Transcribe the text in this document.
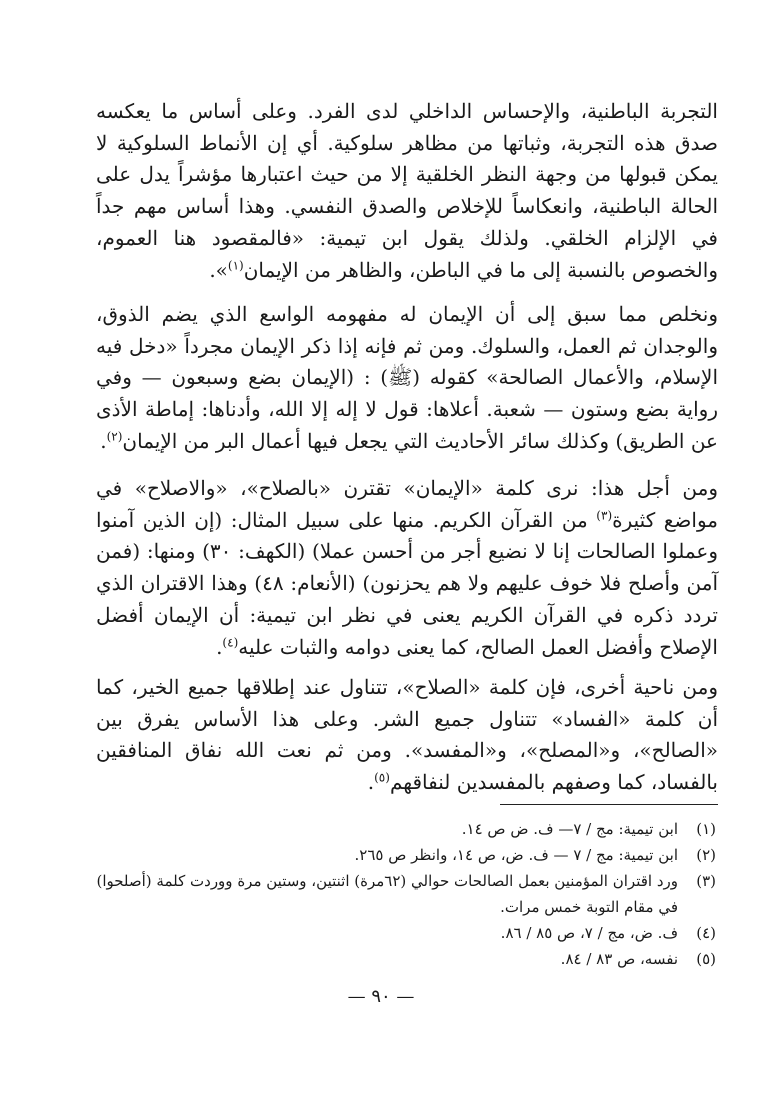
التجربة الباطنية، والإحساس الداخلي لدى الفرد. وعلى أساس ما يعكسه صدق هذه التجربة، وثباتها من مظاهر سلوكية. أي إن الأنماط السلوكية لا يمكن قبولها من وجهة النظر الخلقية إلا من حيث اعتبارها مؤشراً يدل على الحالة الباطنية، وانعكاساً للإخلاص والصدق النفسي. وهذا أساس مهم جداً في الإلزام الخلقي. ولذلك يقول ابن تيمية: «فالمقصود هنا العموم، والخصوص بالنسبة إلى ما في الباطن، والظاهر من الإيمان$^{(١)}$».

ونخلص مما سبق إلى أن الإيمان له مفهومه الواسع الذي يضم الذوق، والوجدان ثم العمل، والسلوك. ومن ثم فإنه إذا ذكر الإيمان مجرداً «دخل فيه الإسلام، والأعمال الصالحة» كقوله (ﷺ) : (الإيمان بضع وسبعون — وفي رواية بضع وستون — شعبة. أعلاها: قول لا إله إلا الله، وأدناها: إماطة الأذى عن الطريق) وكذلك سائر الأحاديث التي يجعل فيها أعمال البر من الإيمان$^{(٢)}$.

ومن أجل هذا: نرى كلمة «الإيمان» تقترن «بالصلاح»، «والاصلاح» في مواضع كثيرة$^{(٣)}$ من القرآن الكريم. منها على سبيل المثال: (إن الذين آمنوا وعملوا الصالحات إنا لا نضيع أجر من أحسن عملا) (الكهف: ٣٠) ومنها: (فمن آمن وأصلح فلا خوف عليهم ولا هم يحزنون) (الأنعام: ٤٨) وهذا الاقتران الذي تردد ذكره في القرآن الكريم يعنى في نظر ابن تيمية: أن الإيمان أفضل الإصلاح وأفضل العمل الصالح، كما يعنى دوامه والثبات عليه$^{(٤)}$.

ومن ناحية أخرى، فإن كلمة «الصلاح»، تتناول عند إطلاقها جميع الخير، كما أن كلمة «الفساد» تتناول جميع الشر. وعلى هذا الأساس يفرق بين «الصالح»، و«المصلح»، و«المفسد». ومن ثم نعت الله نفاق المنافقين بالفساد، كما وصفهم بالمفسدين لنفاقهم$^{(٥)}$.

(١)
ابن تيمية: مج / ٧— ف. ض ص ١٤.
(٢)
ابن تيمية: مج / ٧ — ف. ض، ص ١٤، وانظر ص ٢٦٥.
(٣)
ورد اقتران المؤمنين بعمل الصالحات حوالي (٦٢مرة) اثنتين، وستين مرة ووردت كلمة (أصلحوا) في مقام التوبة خمس مرات.
(٤)
ف. ض، مج / ٧، ص ٨٥ / ٨٦.
(٥)
نفسه، ص ٨٣ / ٨٤.
— ٩٠ —
